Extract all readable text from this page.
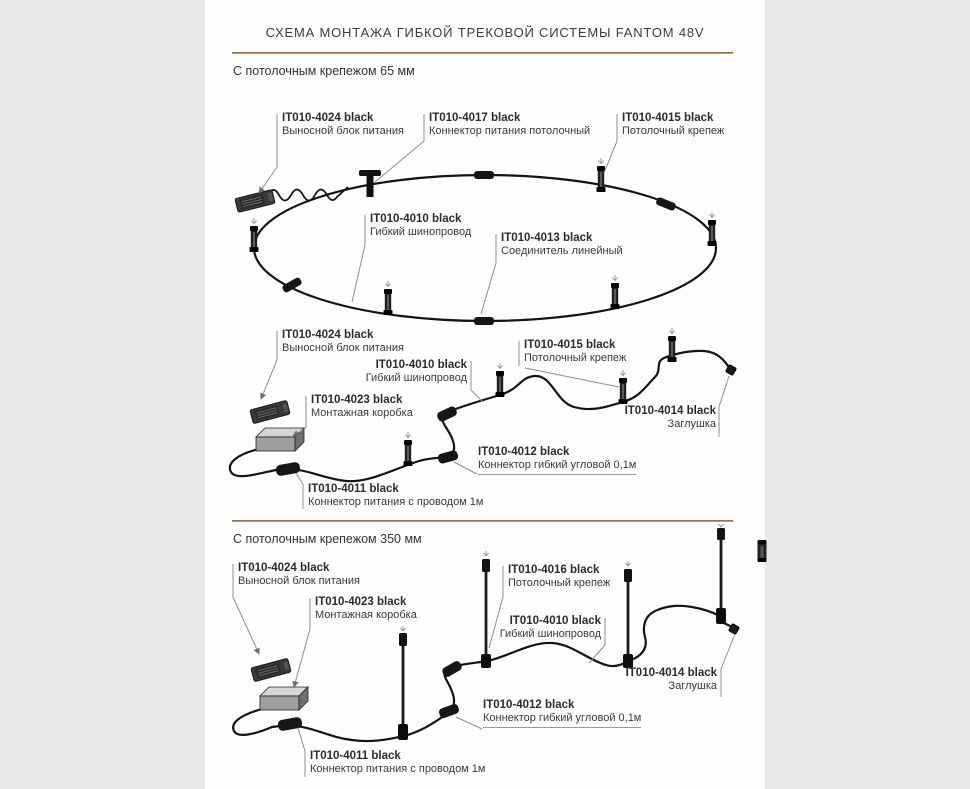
СХЕМА МОНТАЖА ГИБКОЙ ТРЕКОВОЙ СИСТЕМЫ FANTOM 48V
С потолочным крепежом 65 мм
С потолочным крепежом 350 мм
IT010-4024 black
Выносной блок питания
IT010-4017 black
Коннектор питания потолочный
IT010-4015 black
Потолочный крепеж
IT010-4010 black
Гибкий шинопровод	IT010-4013 black
Соединитель линейный
IT010-4024 black
Выносной блок питания
IT010-4010 black
Гибкий шинопровод
IT010-4015 black
Потолочный крепеж
IT010-4023 black
Монтажная коробка	IT010-4014 black
Заглушка
IT010-4012 black
Коннектор гибкий угловой 0,1м
IT010-4011 black
Коннектор питания с проводом 1м
IT010-4024 black
Выносной блок питания
IT010-4023 black
Монтажная коробка
IT010-4016 black
Потолочный крепеж
IT010-4010 black
Гибкий шинопровод
IT010-4014 black
Заглушка
IT010-4012 black
Коннектор гибкий угловой 0,1м
IT010-4011 black
Коннектор питания с проводом 1м
